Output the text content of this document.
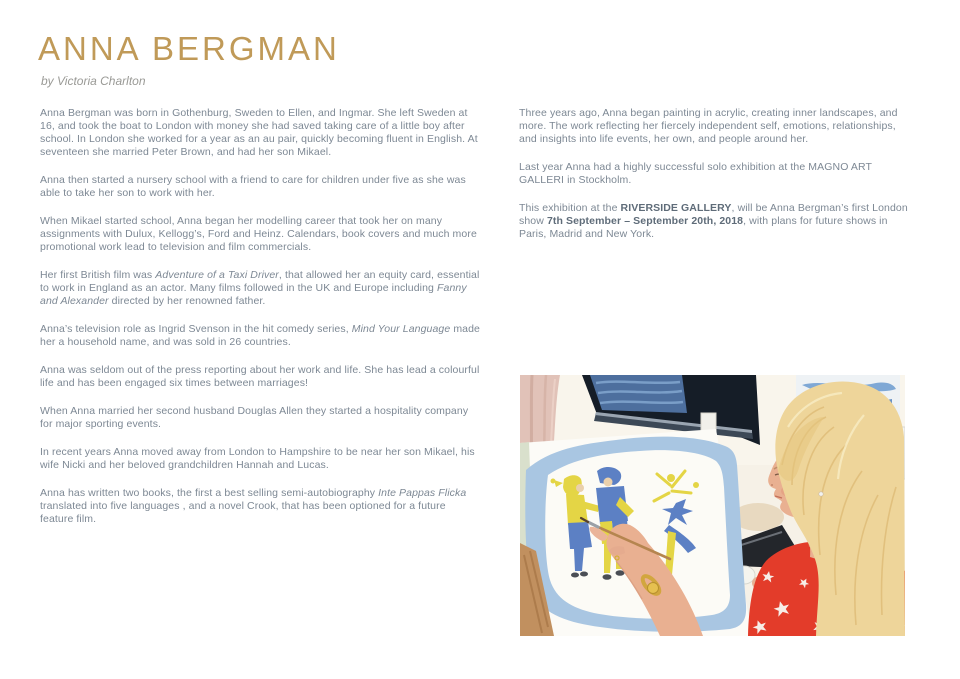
ANNA BERGMAN
by Victoria Charlton

Anna Bergman was born in Gothenburg, Sweden to Ellen, and Ingmar. She left Sweden at 16, and took the boat to London with money she had saved taking care of a little boy after school. In London she worked for a year as an au pair, quickly becoming fluent in English. At seventeen she married Peter Brown, and had her son Mikael.

Anna then started a nursery school with a friend to care for children under five as she was able to take her son to work with her.

When Mikael started school, Anna began her modelling career that took her on many assignments with Dulux, Kellogg’s, Ford and Heinz. Calendars, book covers and much more promotional work lead to television and film commercials.

Her first British film was Adventure of a Taxi Driver, that allowed her an equity card, essential to work in England as an actor. Many films followed in the UK and Europe including Fanny and Alexander directed by her renowned father.

Anna’s television role as Ingrid Svenson in the hit comedy series, Mind Your Language made her a household name, and was sold in 26 countries.

Anna was seldom out of the press reporting about her work and life. She has lead a colourful life and has been engaged six times between marriages!

When Anna married her second husband Douglas Allen they started a hospitality company for major sporting events.

In recent years Anna moved away from London to Hampshire to be near her son Mikael, his wife Nicki and her beloved grandchildren Hannah and Lucas.

Anna has written two books, the first a best selling semi-autobiography Inte Pappas Flicka translated into five languages , and a novel Crook, that has been optioned for a future feature film.

Three years ago, Anna began painting in acrylic, creating inner landscapes, and more. The work reflecting her fiercely independent self, emotions, relationships, and insights into life events, her own, and people around her.

Last year Anna had a highly successful solo exhibition at the MAGNO ART GALLERI in Stockholm.

This exhibition at the RIVERSIDE GALLERY, will be Anna Bergman’s first London show 7th September – September 20th, 2018, with plans for future shows in Paris, Madrid and New York.
